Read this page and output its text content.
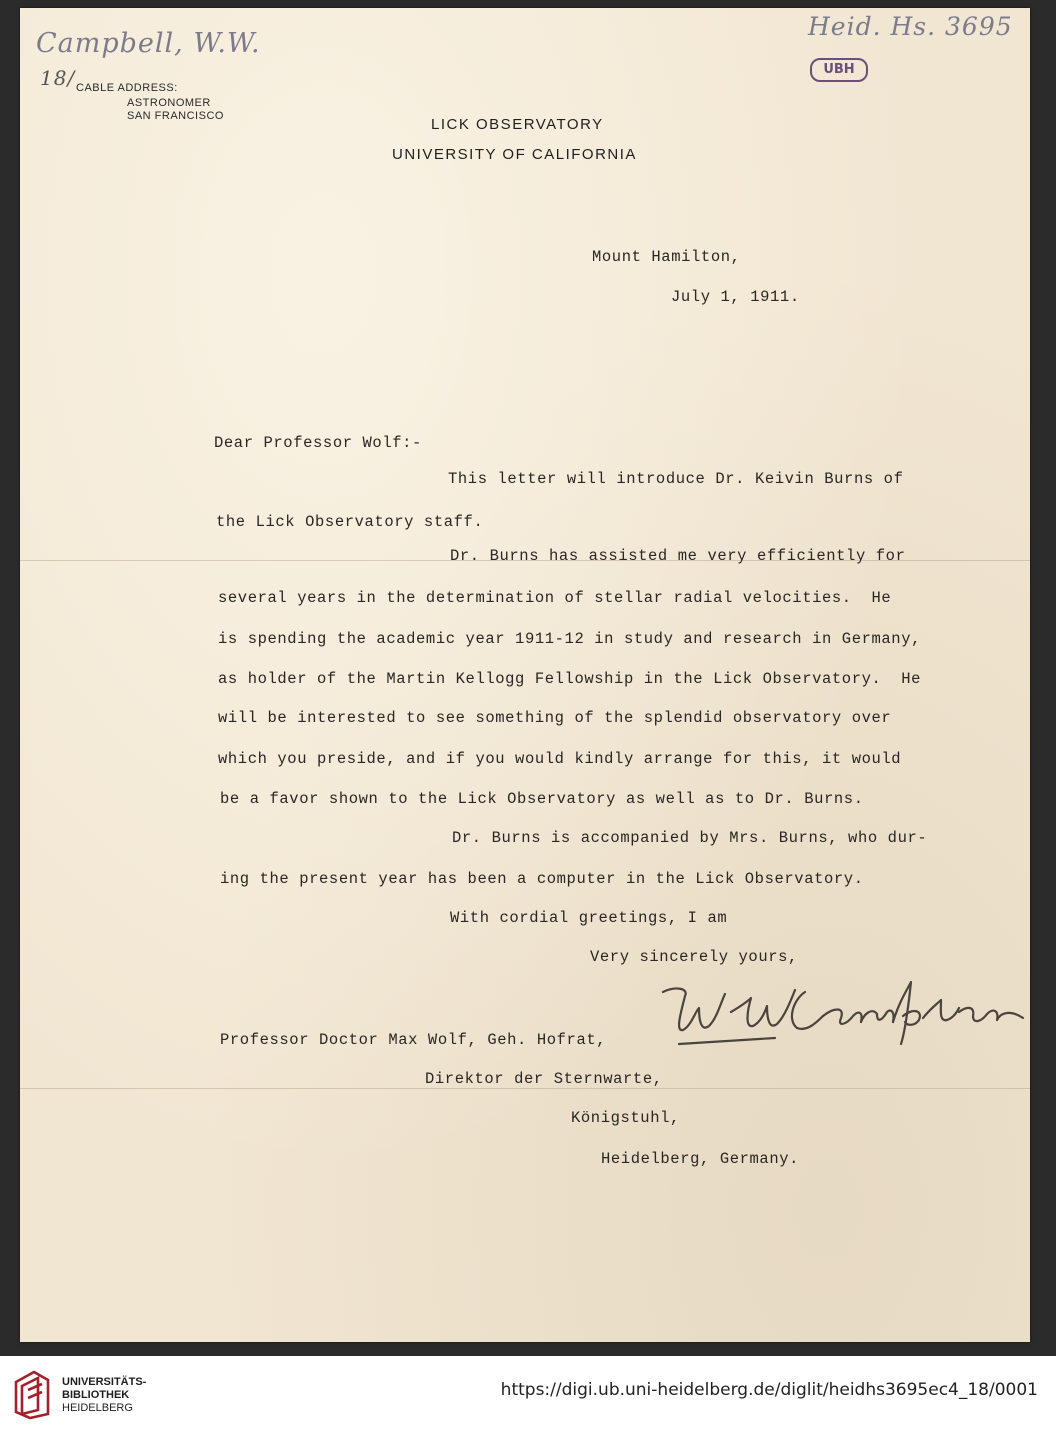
Campbell, W.W.
18/
Heid. Hs. 3695
UBH
CABLE ADDRESS:
ASTRONOMER
SAN FRANCISCO	LICK OBSERVATORY
UNIVERSITY OF CALIFORNIA
Mount Hamilton,
July 1, 1911.
Dear Professor Wolf:-
This letter will introduce Dr. Keivin Burns of
the Lick Observatory staff.
Dr. Burns has assisted me very efficiently for
several years in the determination of stellar radial velocities.  He
is spending the academic year 1911-12 in study and research in Germany,
as holder of the Martin Kellogg Fellowship in the Lick Observatory.  He
will be interested to see something of the splendid observatory over
which you preside, and if you would kindly arrange for this, it would
be a favor shown to the Lick Observatory as well as to Dr. Burns.
Dr. Burns is accompanied by Mrs. Burns, who dur-
ing the present year has been a computer in the Lick Observatory.
With cordial greetings, I am
Very sincerely yours,
Professor Doctor Max Wolf, Geh. Hofrat,
Direktor der Sternwarte,
Königstuhl,
Heidelberg, Germany.
UNIVERSITÄTS-
BIBLIOTHEK
HEIDELBERG
https://digi.ub.uni-heidelberg.de/diglit/heidhs3695ec4_18/0001
